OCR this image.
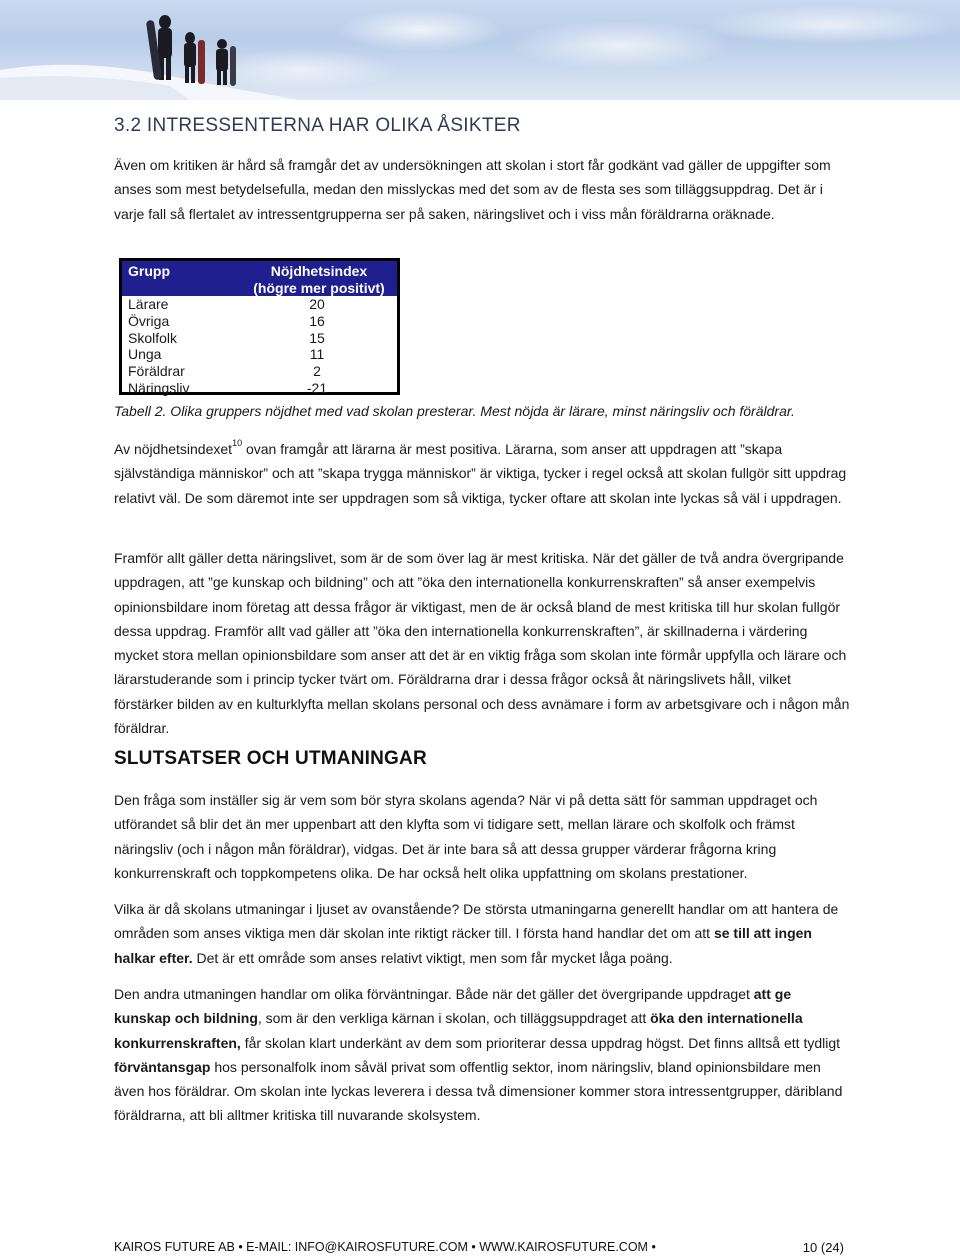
3.2 INTRESSENTERNA HAR OLIKA ÅSIKTER

Även om kritiken är hård så framgår det av undersökningen att skolan i stort får godkänt vad gäller de uppgifter som anses som mest betydelsefulla, medan den misslyckas med det som av de flesta ses som tilläggsuppdrag. Det är i varje fall så flertalet av intressentgrupperna ser på saken, näringslivet och i viss mån föräldrarna oräknade.

Grupp	Nöjdhetsindex
(högre mer positivt)
Lärare	20
Övriga	16
Skolfolk	15
Unga	11
Föräldrar	2
Näringsliv	-21

Tabell 2. Olika gruppers nöjdhet med vad skolan presterar. Mest nöjda är lärare, minst näringsliv och föräldrar.

Av nöjdhetsindexet$^{10}$ ovan framgår att lärarna är mest positiva. Lärarna, som anser att uppdragen att ”skapa självständiga människor” och att ”skapa trygga människor” är viktiga, tycker i regel också att skolan fullgör sitt uppdrag relativt väl. De som däremot inte ser uppdragen som så viktiga, tycker oftare att skolan inte lyckas så väl i uppdragen.

Framför allt gäller detta näringslivet, som är de som över lag är mest kritiska. När det gäller de två andra övergripande uppdragen, att ”ge kunskap och bildning” och att ”öka den internationella konkurrenskraften” så anser exempelvis opinionsbildare inom företag att dessa frågor är viktigast, men de är också bland de mest kritiska till hur skolan fullgör dessa uppdrag. Framför allt vad gäller att ”öka den internationella konkurrenskraften”, är skillnaderna i värdering mycket stora mellan opinionsbildare som anser att det är en viktig fråga som skolan inte förmår uppfylla och lärare och lärarstuderande som i princip tycker tvärt om. Föräldrarna drar i dessa frågor också åt näringslivets håll, vilket förstärker bilden av en kulturklyfta mellan skolans personal och dess avnämare i form av arbetsgivare och i någon mån föräldrar.

SLUTSATSER OCH UTMANINGAR

Den fråga som inställer sig är vem som bör styra skolans agenda? När vi på detta sätt för samman uppdraget och utförandet så blir det än mer uppenbart att den klyfta som vi tidigare sett, mellan lärare och skolfolk och främst näringsliv (och i någon mån föräldrar), vidgas. Det är inte bara så att dessa grupper värderar frågorna kring konkurrenskraft och toppkompetens olika. De har också helt olika uppfattning om skolans prestationer.

Vilka är då skolans utmaningar i ljuset av ovanstående? De största utmaningarna generellt handlar om att hantera de områden som anses viktiga men där skolan inte riktigt räcker till. I första hand handlar det om att se till att ingen halkar efter. Det är ett område som anses relativt viktigt, men som får mycket låga poäng.

Den andra utmaningen handlar om olika förväntningar. Både när det gäller det övergripande uppdraget att ge kunskap och bildning, som är den verkliga kärnan i skolan, och tilläggsuppdraget att öka den internationella konkurrenskraften, får skolan klart underkänt av dem som prioriterar dessa uppdrag högst. Det finns alltså ett tydligt förväntansgap hos personalfolk inom såväl privat som offentlig sektor, inom näringsliv, bland opinionsbildare men även hos föräldrar. Om skolan inte lyckas leverera i dessa två dimensioner kommer stora intressentgrupper, däribland föräldrarna, att bli alltmer kritiska till nuvarande skolsystem.

KAIROS FUTURE AB • E-MAIL: INFO@KAIROSFUTURE.COM • WWW.KAIROSFUTURE.COM •	10 (24)
